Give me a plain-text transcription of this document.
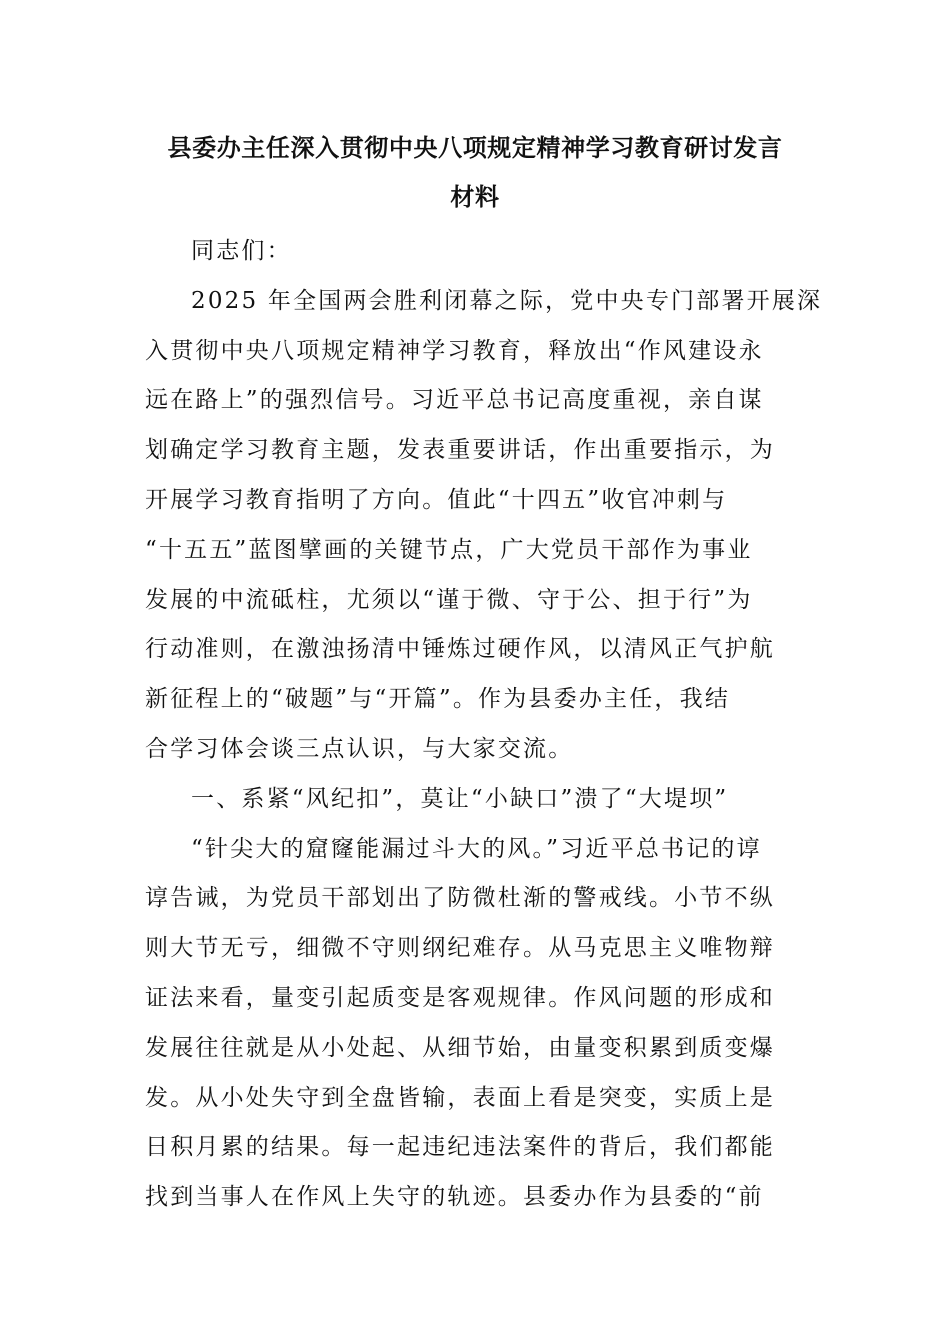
县委办主任深入贯彻中央八项规定精神学习教育研讨发言
材料
同志们：
2025 年全国两会胜利闭幕之际，党中央专门部署开展深
入贯彻中央八项规定精神学习教育，释放出“作风建设永
远在路上”的强烈信号。习近平总书记高度重视，亲自谋
划确定学习教育主题，发表重要讲话，作出重要指示，为
开展学习教育指明了方向。值此“十四五”收官冲刺与
“十五五”蓝图擘画的关键节点，广大党员干部作为事业
发展的中流砥柱，尤须以“谨于微、守于公、担于行”为
行动准则，在激浊扬清中锤炼过硬作风，以清风正气护航
新征程上的“破题”与“开篇”。作为县委办主任，我结
合学习体会谈三点认识，与大家交流。
一、系紧“风纪扣”，莫让“小缺口”溃了“大堤坝”
“针尖大的窟窿能漏过斗大的风。”习近平总书记的谆
谆告诫，为党员干部划出了防微杜渐的警戒线。小节不纵
则大节无亏，细微不守则纲纪难存。从马克思主义唯物辩
证法来看，量变引起质变是客观规律。作风问题的形成和
发展往往就是从小处起、从细节始，由量变积累到质变爆
发。从小处失守到全盘皆输，表面上看是突变，实质上是
日积月累的结果。每一起违纪违法案件的背后，我们都能
找到当事人在作风上失守的轨迹。县委办作为县委的“前
